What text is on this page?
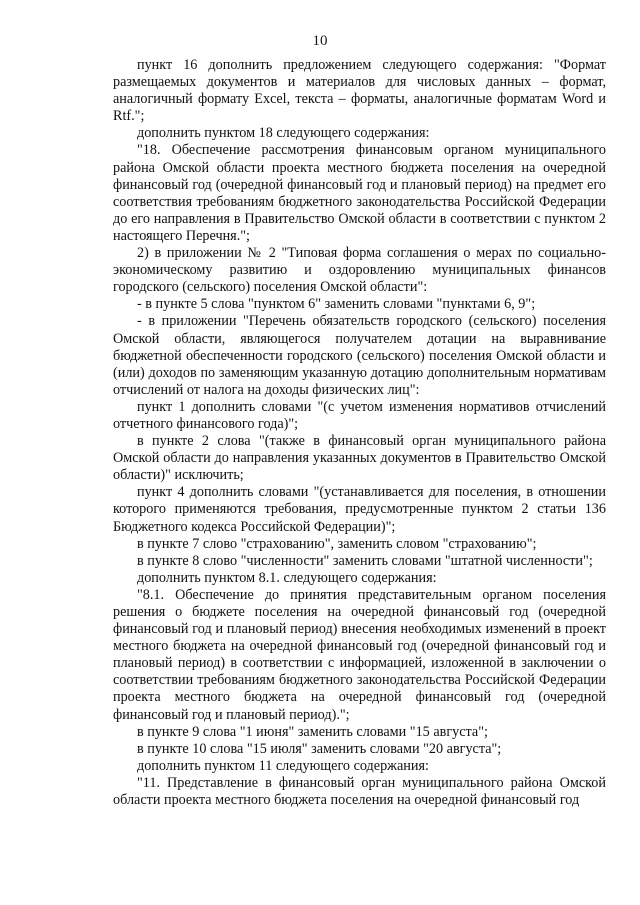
10

пункт 16 дополнить предложением следующего содержания: "Формат размещаемых документов и материалов для числовых данных – формат, аналогичный формату Excel, текста – форматы, аналогичные форматам Word и Rtf.";

дополнить пунктом 18 следующего содержания:

"18. Обеспечение рассмотрения финансовым органом муниципального района Омской области проекта местного бюджета поселения на очередной финансовый год (очередной финансовый год и плановый период) на предмет его соответствия требованиям бюджетного законодательства Российской Федерации до его направления в Правительство Омской области в соответствии с пунктом 2 настоящего Перечня.";

2) в приложении № 2 "Типовая форма соглашения о мерах по социально-экономическому развитию и оздоровлению муниципальных финансов городского (сельского) поселения Омской области":

- в пункте 5 слова "пунктом 6" заменить словами "пунктами 6, 9";

- в приложении "Перечень обязательств городского (сельского) поселения Омской области, являющегося получателем дотации на выравнивание бюджетной обеспеченности городского (сельского) поселения Омской области и (или) доходов по заменяющим указанную дотацию дополнительным нормативам отчислений от налога на доходы физических лиц":

пункт 1 дополнить словами "(с учетом изменения нормативов отчислений отчетного финансового года)";

в пункте 2 слова "(также в финансовый орган муниципального района Омской области до направления указанных документов в Правительство Омской области)" исключить;

пункт 4 дополнить словами "(устанавливается для поселения, в отношении которого применяются требования, предусмотренные пунктом 2 статьи 136 Бюджетного кодекса Российской Федерации)";

в пункте 7 слово "страхованию", заменить словом "страхованию";

в пункте 8 слово "численности" заменить словами "штатной численности";

дополнить пунктом 8.1. следующего содержания:

"8.1. Обеспечение до принятия представительным органом поселения решения о бюджете поселения на очередной финансовый год (очередной финансовый год и плановый период) внесения необходимых изменений в проект местного бюджета на очередной финансовый год (очередной финансовый год и плановый период) в соответствии с информацией, изложенной в заключении о соответствии требованиям бюджетного законодательства Российской Федерации проекта местного бюджета на очередной финансовый год (очередной финансовый год и плановый период).";

в пункте 9 слова "1 июня" заменить словами "15 августа";

в пункте 10 слова "15 июля" заменить словами "20 августа";

дополнить пунктом 11 следующего содержания:

"11. Представление в финансовый орган муниципального района Омской области проекта местного бюджета поселения на очередной финансовый год
